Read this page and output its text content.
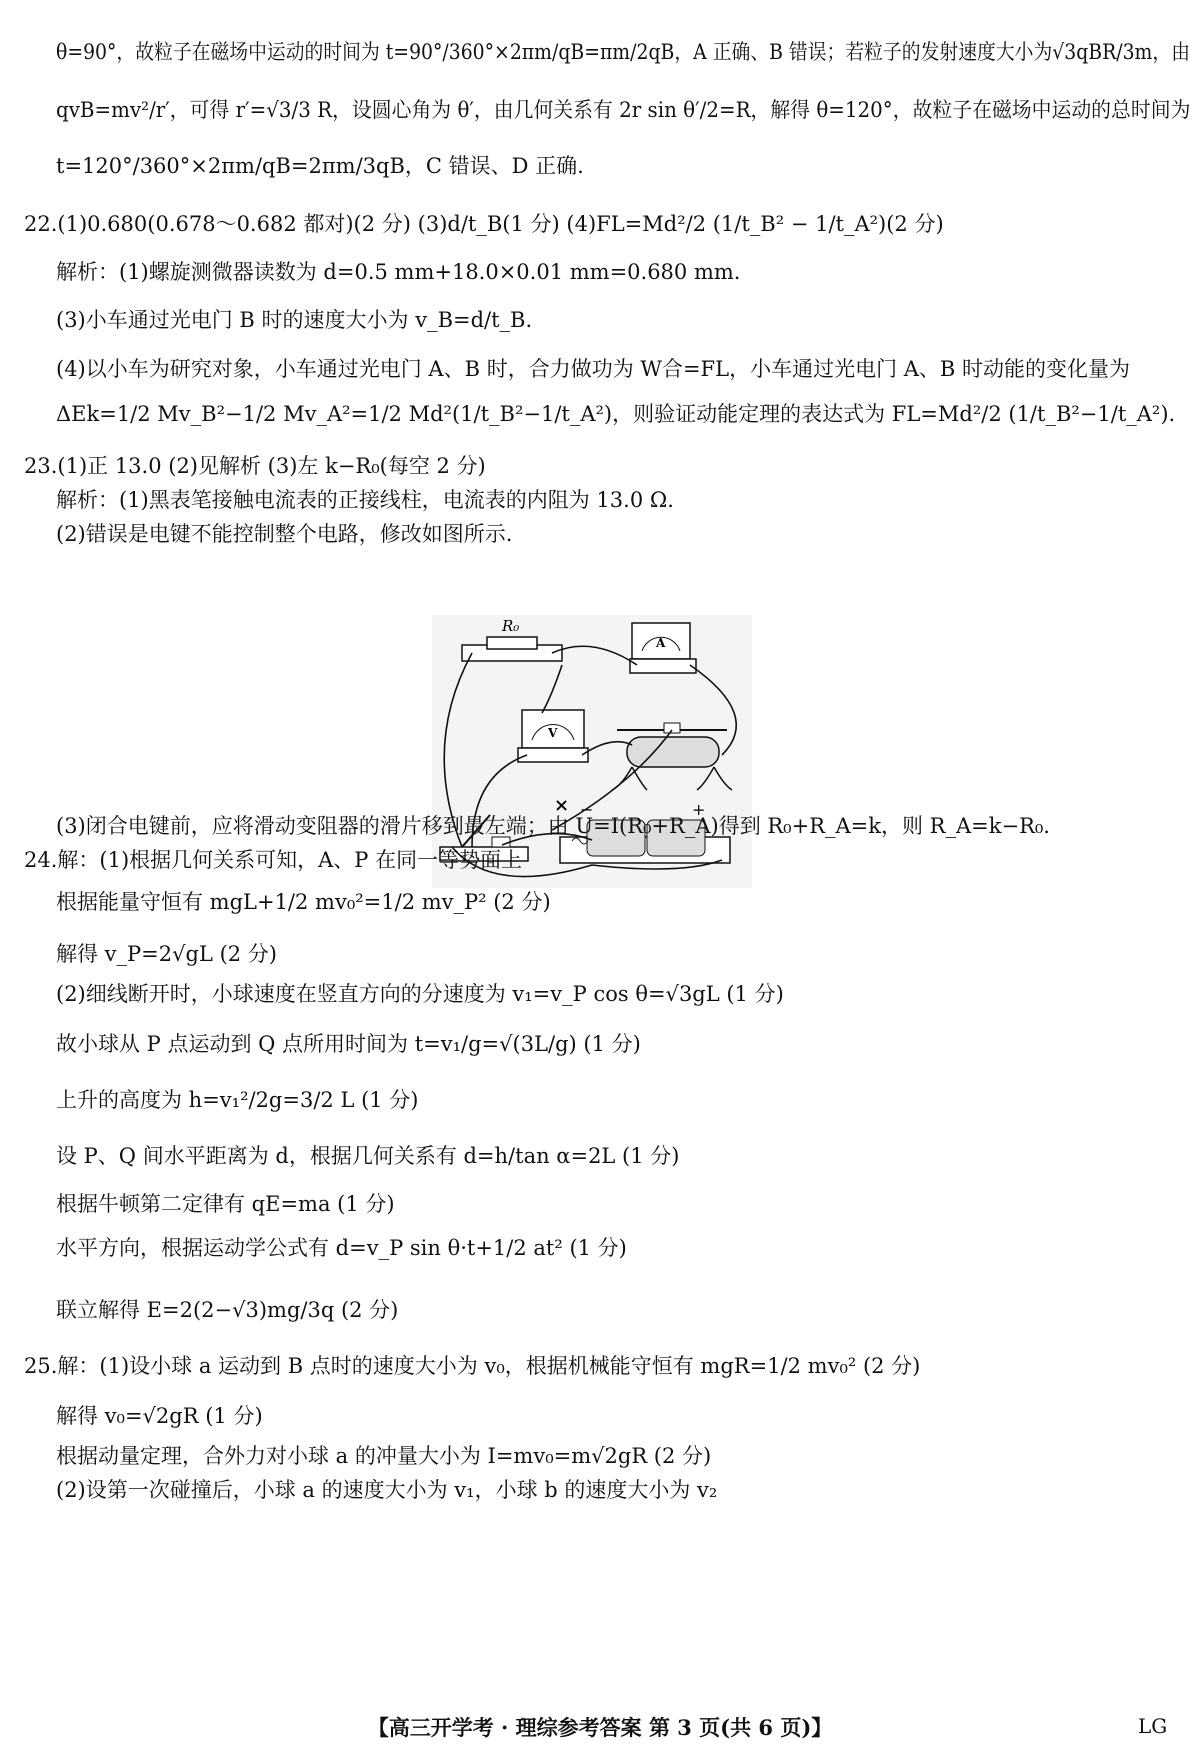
θ=90°，故粒子在磁场中运动的时间为 t=90°/360°×2πm/qB=πm/2qB，A 正确、B 错误；若粒子的发射速度大小为√3qBR/3m，由
qvB=mv²/r′，可得 r′=√3/3 R，设圆心角为 θ′，由几何关系有 2r sin θ′/2=R，解得 θ=120°，故粒子在磁场中运动的总时间为
t=120°/360°×2πm/qB=2πm/3qB，C 错误、D 正确.
22.(1)0.680(0.678～0.682 都对)(2 分) (3)d/t_B(1 分) (4)FL=Md²/2 (1/t_B² − 1/t_A²)(2 分)
解析：(1)螺旋测微器读数为 d=0.5 mm+18.0×0.01 mm=0.680 mm.
(3)小车通过光电门 B 时的速度大小为 v_B=d/t_B.
(4)以小车为研究对象，小车通过光电门 A、B 时，合力做功为 W合=FL，小车通过光电门 A、B 时动能的变化量为
ΔEk=1/2 Mv_B²−1/2 Mv_A²=1/2 Md²(1/t_B²−1/t_A²)，则验证动能定理的表达式为 FL=Md²/2 (1/t_B²−1/t_A²).
23.(1)正 13.0 (2)见解析 (3)左 k−R₀(每空 2 分)
解析：(1)黑表笔接触电流表的正接线柱，电流表的内阻为 13.0 Ω.
(2)错误是电键不能控制整个电路，修改如图所示.
R₀
A
V
−	+
×
(3)闭合电键前，应将滑动变阻器的滑片移到最左端；由 U=I(R₀+R_A)得到 R₀+R_A=k，则 R_A=k−R₀.
24.解：(1)根据几何关系可知，A、P 在同一等势面上
根据能量守恒有 mgL+1/2 mv₀²=1/2 mv_P² (2 分)
解得 v_P=2√gL (2 分)
(2)细线断开时，小球速度在竖直方向的分速度为 v₁=v_P cos θ=√3gL (1 分)
故小球从 P 点运动到 Q 点所用时间为 t=v₁/g=√(3L/g) (1 分)
上升的高度为 h=v₁²/2g=3/2 L (1 分)
设 P、Q 间水平距离为 d，根据几何关系有 d=h/tan α=2L (1 分)
根据牛顿第二定律有 qE=ma (1 分)
水平方向，根据运动学公式有 d=v_P sin θ·t+1/2 at² (1 分)
联立解得 E=2(2−√3)mg/3q (2 分)
25.解：(1)设小球 a 运动到 B 点时的速度大小为 v₀，根据机械能守恒有 mgR=1/2 mv₀² (2 分)
解得 v₀=√2gR (1 分)
根据动量定理，合外力对小球 a 的冲量大小为 I=mv₀=m√2gR (2 分)
(2)设第一次碰撞后，小球 a 的速度大小为 v₁，小球 b 的速度大小为 v₂
【高三开学考 · 理综参考答案 第 3 页(共 6 页)】	LG
